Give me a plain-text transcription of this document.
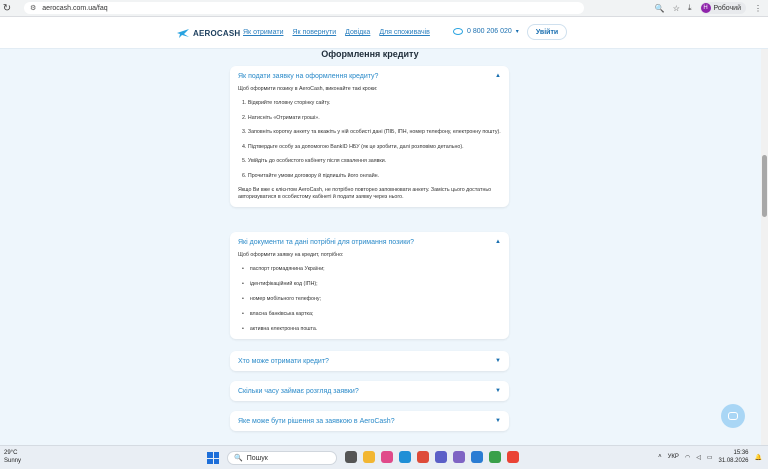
↻	⚙ aerocash.com.ua/faq	🔍 ☆ ⤓	Н Робочий ⋮
AEROCASH Як отримати Як повернути Довідка Для споживачів	0 800 206 020 ▾	Увійти
Оформлення кредиту
Як подати заявку на оформлення кредиту?	▲

Щоб оформити позику в AeroCash, виконайте такі кроки:

1. Відкрийте головну сторінку сайту.
2. Натисніть «Отримати гроші».
3. Заповніть коротку анкету та вкажіть у ній особисті дані (ПІБ, ІПН, номер телефону, електронну пошту).
4. Підтвердьте особу за допомогою BankID НБУ (як це зробити, далі розповімо детально).
5. Увійдіть до особистого кабінету після схвалення заявки.
6. Прочитайте умови договору й підпишіть його онлайн.

Якщо Ви вже є клієнтом AeroCash, не потрібно повторно заповнювати анкету. Замість цього достатньо авторизуватися в особистому кабінеті й подати заявку через нього.

Які документи та дані потрібні для отримання позики?	▲

Щоб оформити заявку на кредит, потрібно:

• паспорт громадянина України;
• ідентифікаційний код (ІПН);
• номер мобільного телефону;
• власна банківська картка;
• активна електронна пошта.
Хто може отримати кредит?	▼
Скільки часу займає розгляд заявки?	▼
Яке може бути рішення за заявкою в AeroCash?	▼
29°C
Sunny	🔍 Пошук	˄ УКР ◠ ◁ ▭
15:36
31.08.2026
🔔
